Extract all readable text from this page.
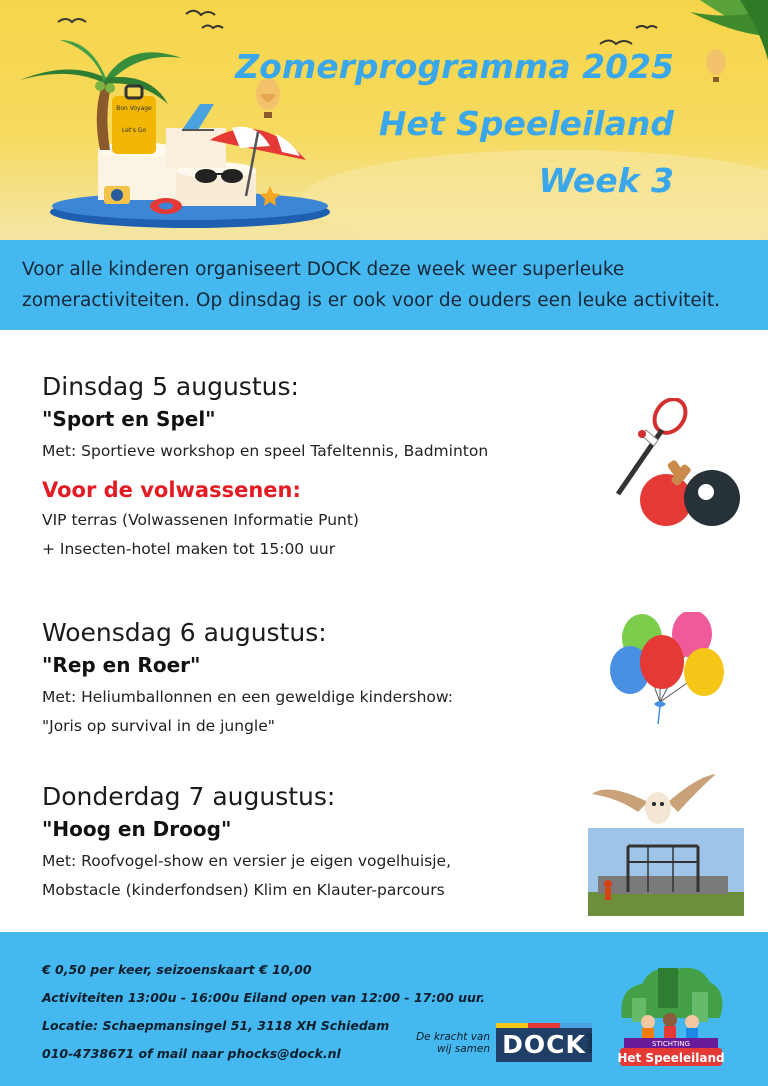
Bon Voyage
Let's Go
Zomerprogramma 2025
Het Speeleiland
Week 3

Voor alle kinderen organiseert DOCK deze week weer superleuke
zomeractiviteiten. Op dinsdag is er ook voor de ouders een leuke activiteit.

Dinsdag 5 augustus:
"Sport en Spel"
Met: Sportieve workshop en speel Tafeltennis, Badminton
Voor de volwassenen:
VIP terras (Volwassenen Informatie Punt)
+ Insecten-hotel maken tot 15:00 uur
Woensdag 6 augustus:
"Rep en Roer"
Met: Heliumballonnen en een geweldige kindershow:
"Joris op survival in de jungle"
Donderdag 7 augustus:
"Hoog en Droog"
Met: Roofvogel-show en versier je eigen vogelhuisje,
Mobstacle (kinderfondsen) Klim en Klauter-parcours
€ 0,50 per keer, seizoenskaart € 10,00
Activiteiten 13:00u - 16:00u Eiland open van 12:00 - 17:00 uur.
Locatie: Schaepmansingel 51, 3118 XH Schiedam
010-4738671 of mail naar phocks@dock.nl
De kracht van
wij samen DOCK groep	STICHTING
Het Speeleiland
